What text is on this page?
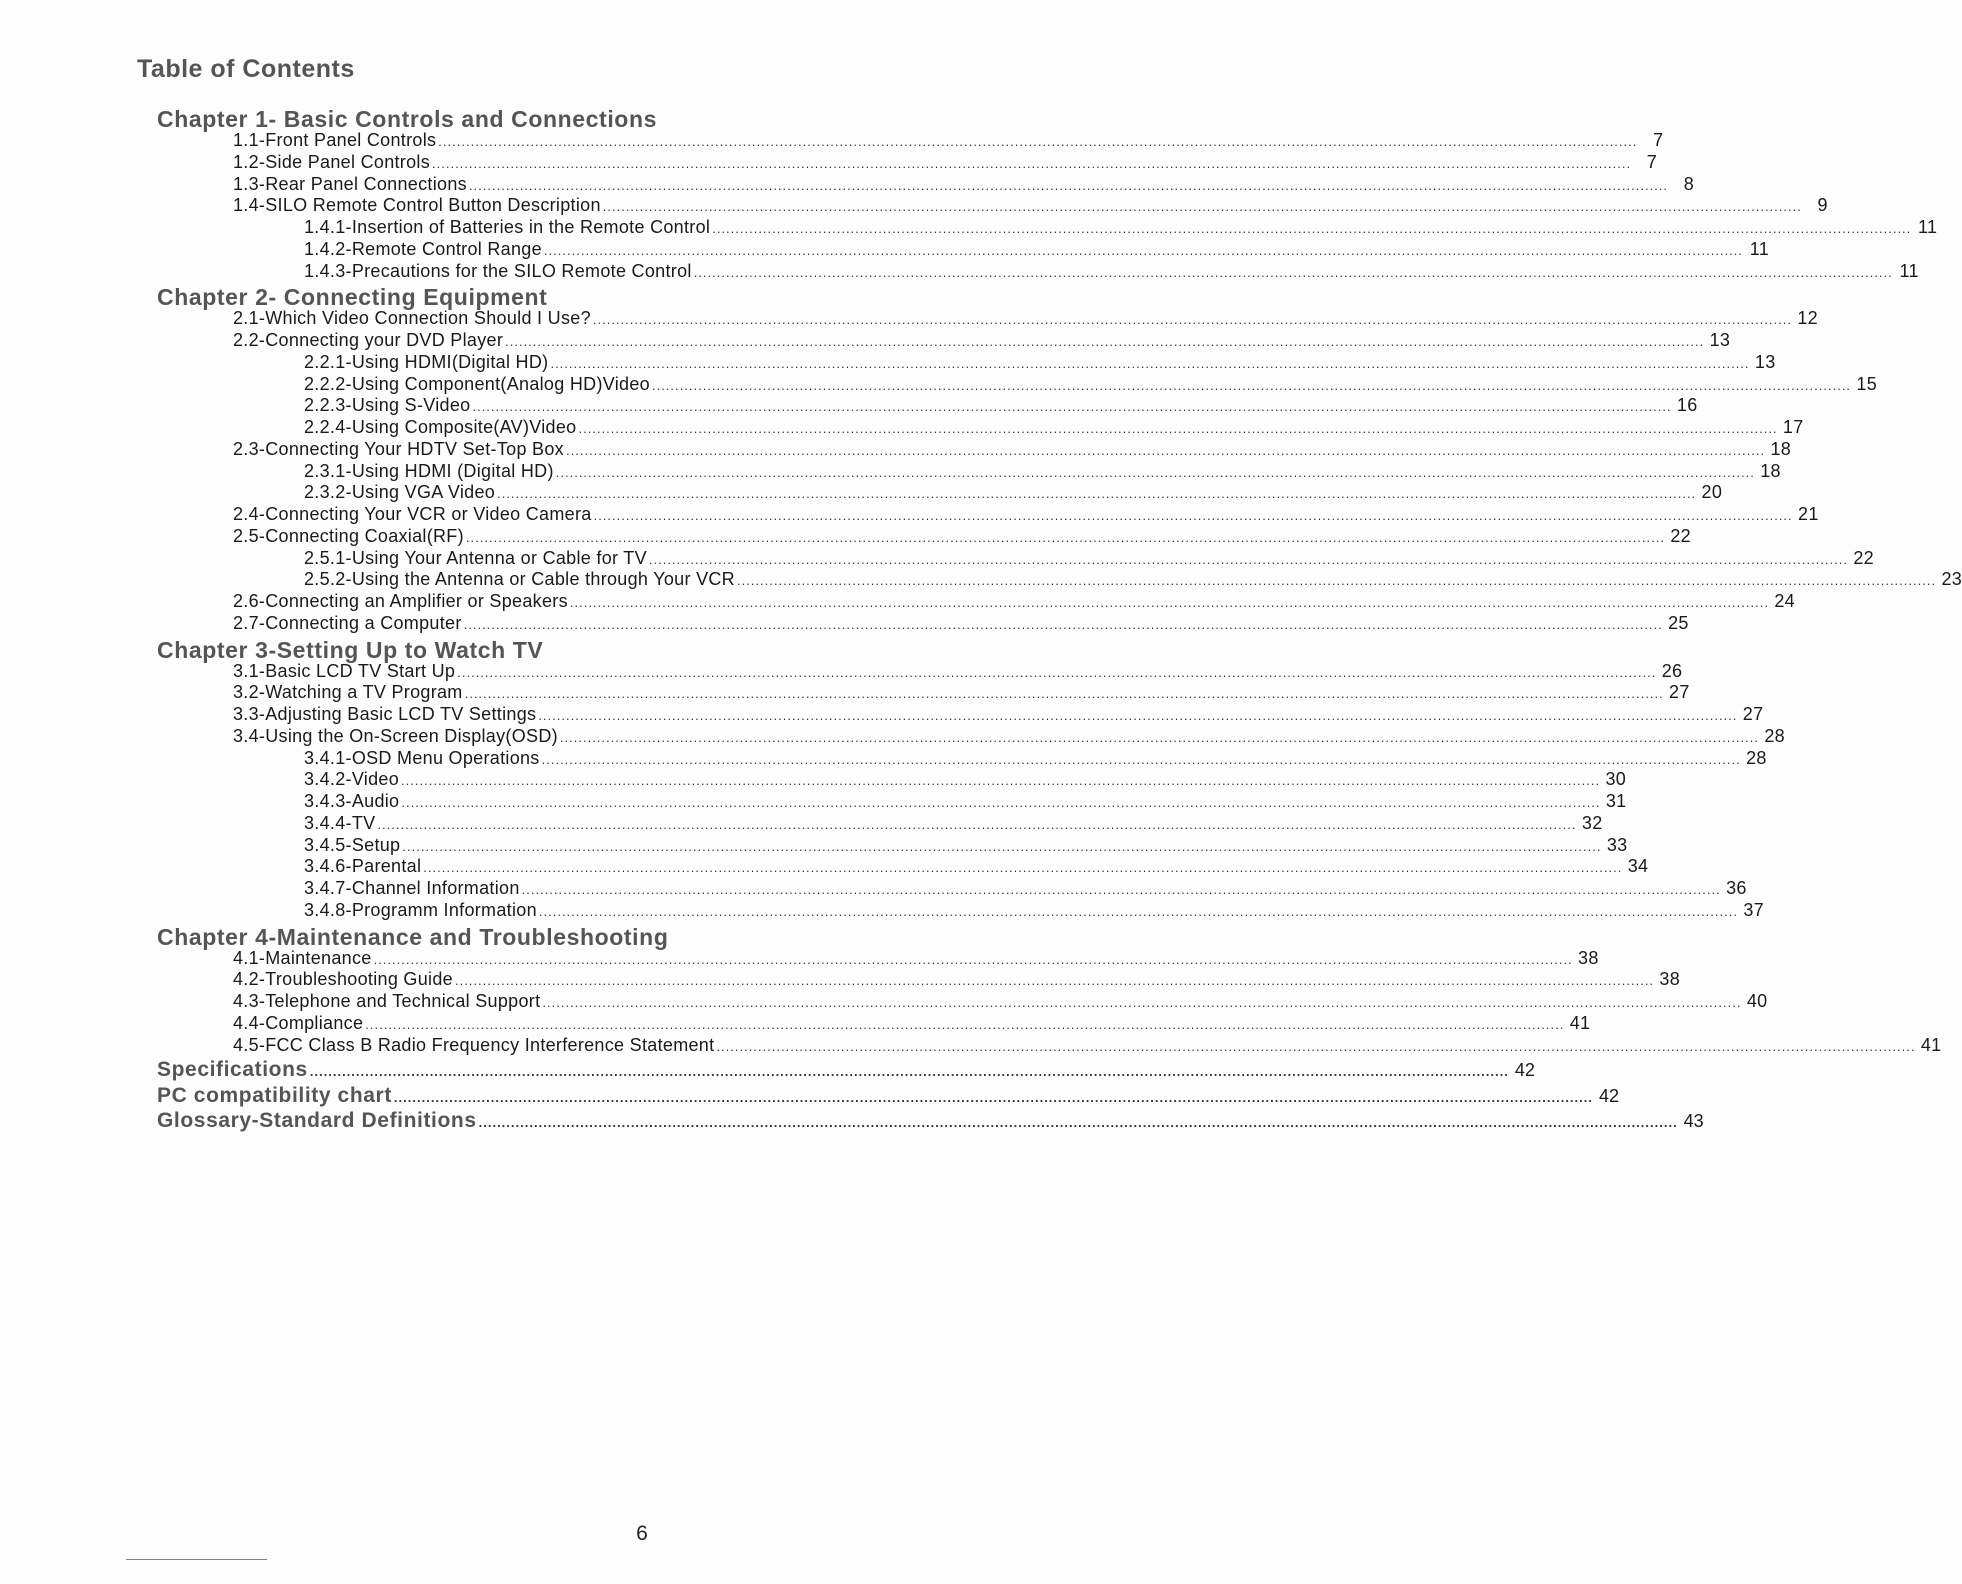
Table of Contents
Chapter 1- Basic Controls and Connections
1.1-Front Panel Controls .................................................................................................................................................................................................................................................................... 7
1.2-Side Panel Controls .................................................................................................................................................................................................................................................................... 7
1.3-Rear Panel Connections .................................................................................................................................................................................................................................................................... 8
1.4-SILO Remote Control Button Description .................................................................................................................................................................................................................................................................... 9
1.4.1-Insertion of Batteries in the Remote Control .................................................................................................................................................................................................................................................................... 11
1.4.2-Remote Control Range .................................................................................................................................................................................................................................................................... 11
1.4.3-Precautions for the SILO Remote Control .................................................................................................................................................................................................................................................................... 11
Chapter 2- Connecting Equipment
2.1-Which Video Connection Should I Use? .................................................................................................................................................................................................................................................................... 12
2.2-Connecting your DVD Player .................................................................................................................................................................................................................................................................... 13
2.2.1-Using HDMI(Digital HD) .................................................................................................................................................................................................................................................................... 13
2.2.2-Using Component(Analog HD)Video .................................................................................................................................................................................................................................................................... 15
2.2.3-Using S-Video .................................................................................................................................................................................................................................................................... 16
2.2.4-Using Composite(AV)Video .................................................................................................................................................................................................................................................................... 17
2.3-Connecting Your HDTV Set-Top Box .................................................................................................................................................................................................................................................................... 18
2.3.1-Using HDMI (Digital HD) .................................................................................................................................................................................................................................................................... 18
2.3.2-Using VGA Video .................................................................................................................................................................................................................................................................... 20
2.4-Connecting Your VCR or Video Camera .................................................................................................................................................................................................................................................................... 21
2.5-Connecting Coaxial(RF) .................................................................................................................................................................................................................................................................... 22
2.5.1-Using Your Antenna or Cable for TV .................................................................................................................................................................................................................................................................... 22
2.5.2-Using the Antenna or Cable through Your VCR .................................................................................................................................................................................................................................................................... 23
2.6-Connecting an Amplifier or Speakers .................................................................................................................................................................................................................................................................... 24
2.7-Connecting a Computer .................................................................................................................................................................................................................................................................... 25
Chapter 3-Setting Up to Watch TV
3.1-Basic LCD TV Start Up .................................................................................................................................................................................................................................................................... 26
3.2-Watching a TV Program .................................................................................................................................................................................................................................................................... 27
3.3-Adjusting Basic LCD TV Settings .................................................................................................................................................................................................................................................................... 27
3.4-Using the On-Screen Display(OSD) .................................................................................................................................................................................................................................................................... 28
3.4.1-OSD Menu Operations .................................................................................................................................................................................................................................................................... 28
3.4.2-Video .................................................................................................................................................................................................................................................................... 30
3.4.3-Audio .................................................................................................................................................................................................................................................................... 31
3.4.4-TV .................................................................................................................................................................................................................................................................... 32
3.4.5-Setup .................................................................................................................................................................................................................................................................... 33
3.4.6-Parental .................................................................................................................................................................................................................................................................... 34
3.4.7-Channel Information .................................................................................................................................................................................................................................................................... 36
3.4.8-Programm Information .................................................................................................................................................................................................................................................................... 37
Chapter 4-Maintenance and Troubleshooting
4.1-Maintenance .................................................................................................................................................................................................................................................................... 38
4.2-Troubleshooting Guide .................................................................................................................................................................................................................................................................... 38
4.3-Telephone and Technical Support .................................................................................................................................................................................................................................................................... 40
4.4-Compliance .................................................................................................................................................................................................................................................................... 41
4.5-FCC Class B Radio Frequency Interference Statement .................................................................................................................................................................................................................................................................... 41
Specifications .................................................................................................................................................................................................................................................................... 42
PC compatibility chart .................................................................................................................................................................................................................................................................... 42
Glossary-Standard Definitions .................................................................................................................................................................................................................................................................... 43
6
